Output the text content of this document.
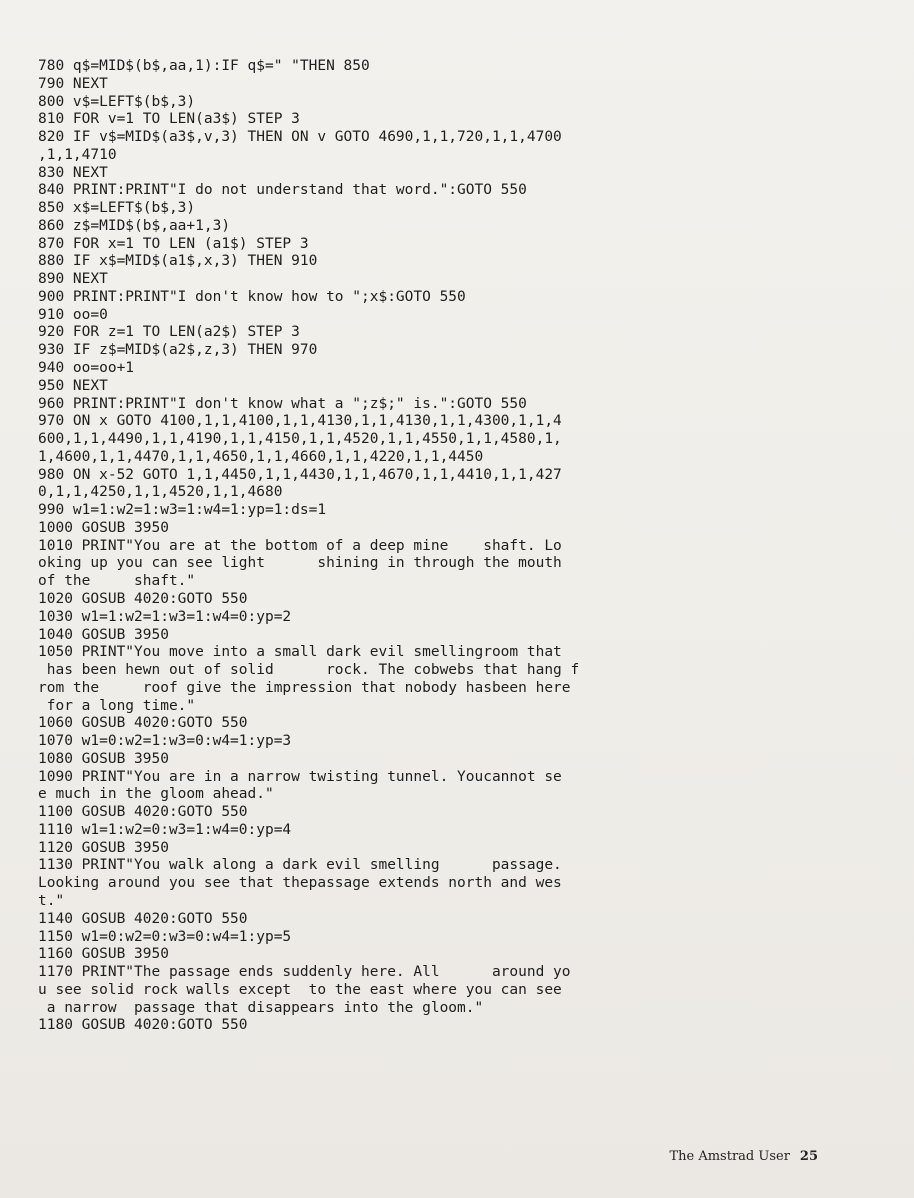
780 q$=MID$(b$,aa,1):IF q$=" "THEN 850
790 NEXT
800 v$=LEFT$(b$,3)
810 FOR v=1 TO LEN(a3$) STEP 3
820 IF v$=MID$(a3$,v,3) THEN ON v GOTO 4690,1,1,720,1,1,4700
,1,1,4710
830 NEXT
840 PRINT:PRINT"I do not understand that word.":GOTO 550
850 x$=LEFT$(b$,3)
860 z$=MID$(b$,aa+1,3)
870 FOR x=1 TO LEN (a1$) STEP 3
880 IF x$=MID$(a1$,x,3) THEN 910
890 NEXT
900 PRINT:PRINT"I don't know how to ";x$:GOTO 550
910 oo=0
920 FOR z=1 TO LEN(a2$) STEP 3
930 IF z$=MID$(a2$,z,3) THEN 970
940 oo=oo+1
950 NEXT
960 PRINT:PRINT"I don't know what a ";z$;" is.":GOTO 550
970 ON x GOTO 4100,1,1,4100,1,1,4130,1,1,4130,1,1,4300,1,1,4
600,1,1,4490,1,1,4190,1,1,4150,1,1,4520,1,1,4550,1,1,4580,1,
1,4600,1,1,4470,1,1,4650,1,1,4660,1,1,4220,1,1,4450
980 ON x-52 GOTO 1,1,4450,1,1,4430,1,1,4670,1,1,4410,1,1,427
0,1,1,4250,1,1,4520,1,1,4680
990 w1=1:w2=1:w3=1:w4=1:yp=1:ds=1
1000 GOSUB 3950
1010 PRINT"You are at the bottom of a deep mine    shaft. Lo
oking up you can see light      shining in through the mouth
of the     shaft."
1020 GOSUB 4020:GOTO 550
1030 w1=1:w2=1:w3=1:w4=0:yp=2
1040 GOSUB 3950
1050 PRINT"You move into a small dark evil smellingroom that
has been hewn out of solid      rock. The cobwebs that hang f
rom the     roof give the impression that nobody hasbeen here
for a long time."
1060 GOSUB 4020:GOTO 550
1070 w1=0:w2=1:w3=0:w4=1:yp=3
1080 GOSUB 3950
1090 PRINT"You are in a narrow twisting tunnel. Youcannot se
e much in the gloom ahead."
1100 GOSUB 4020:GOTO 550
1110 w1=1:w2=0:w3=1:w4=0:yp=4
1120 GOSUB 3950
1130 PRINT"You walk along a dark evil smelling      passage.
Looking around you see that thepassage extends north and wes
t."
1140 GOSUB 4020:GOTO 550
1150 w1=0:w2=0:w3=0:w4=1:yp=5
1160 GOSUB 3950
1170 PRINT"The passage ends suddenly here. All      around yo
u see solid rock walls except  to the east where you can see
a narrow  passage that disappears into the gloom."
1180 GOSUB 4020:GOTO 550
The Amstrad User 25
